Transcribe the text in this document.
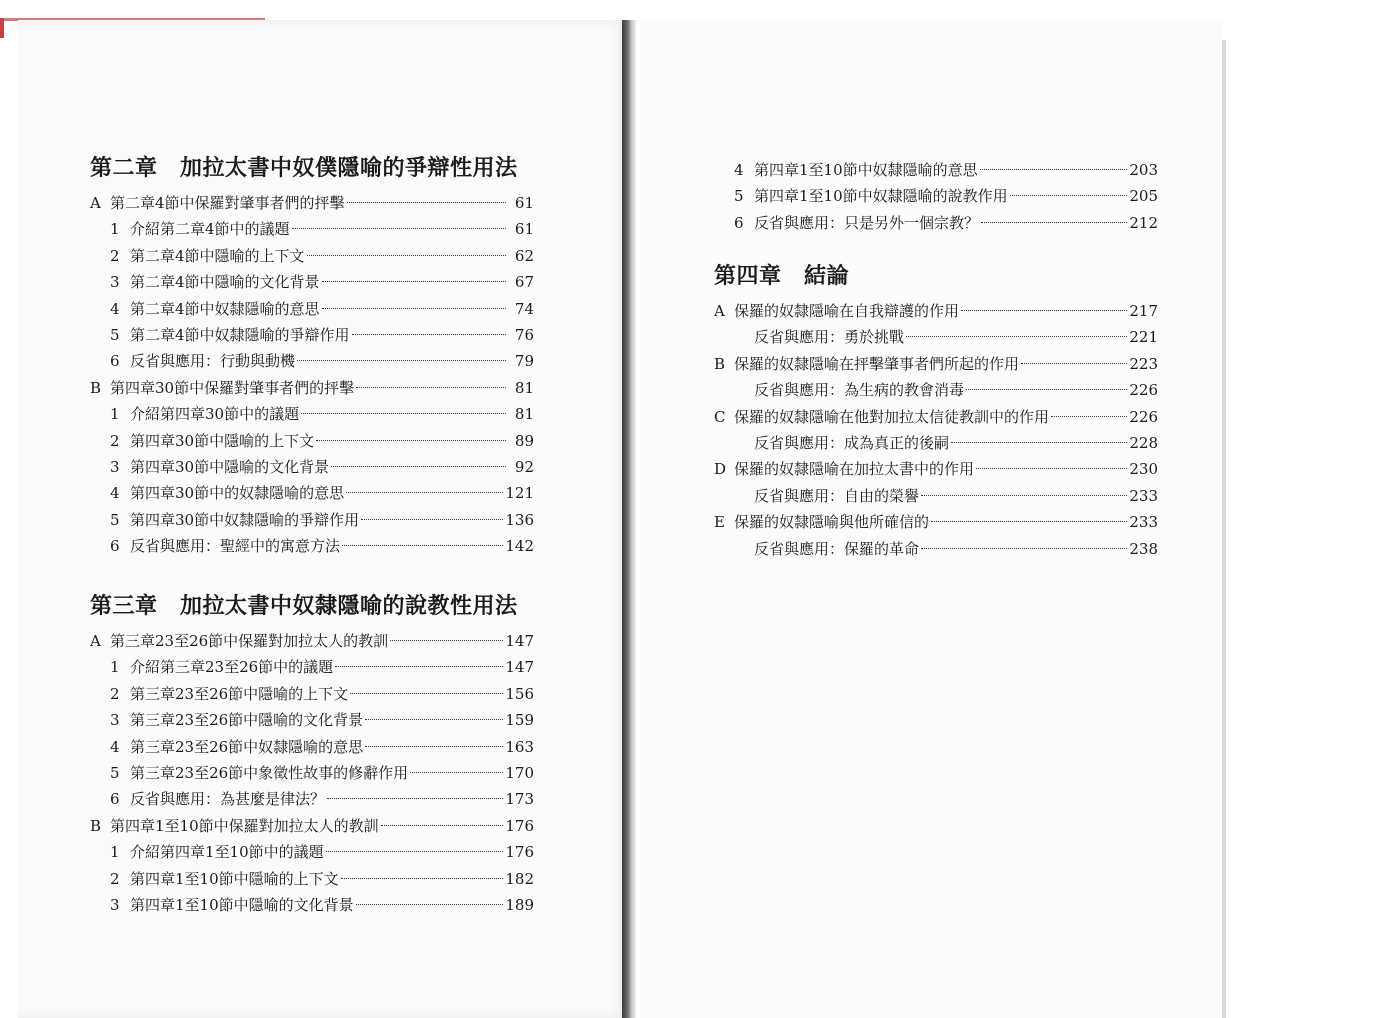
第二章　加拉太書中奴僕隱喻的爭辯性用法
A 第二章4節中保羅對肇事者們的抨擊	61
1 介紹第二章4節中的議題	61
2 第二章4節中隱喻的上下文	62
3 第二章4節中隱喻的文化背景	67
4 第二章4節中奴隸隱喻的意思	74
5 第二章4節中奴隸隱喻的爭辯作用	76
6 反省與應用：行動與動機	79
B 第四章30節中保羅對肇事者們的抨擊	81
1 介紹第四章30節中的議題	81
2 第四章30節中隱喻的上下文	89
3 第四章30節中隱喻的文化背景	92
4 第四章30節中的奴隸隱喻的意思	121
5 第四章30節中奴隸隱喻的爭辯作用	136
6 反省與應用：聖經中的寓意方法	142
第三章　加拉太書中奴隸隱喻的說教性用法
A 第三章23至26節中保羅對加拉太人的教訓	147
1 介紹第三章23至26節中的議題	147
2 第三章23至26節中隱喻的上下文	156
3 第三章23至26節中隱喻的文化背景	159
4 第三章23至26節中奴隸隱喻的意思	163
5 第三章23至26節中象徵性故事的修辭作用	170
6 反省與應用：為甚麼是律法？	173
B 第四章1至10節中保羅對加拉太人的教訓	176
1 介紹第四章1至10節中的議題	176
2 第四章1至10節中隱喻的上下文	182
3 第四章1至10節中隱喻的文化背景	189
4 第四章1至10節中奴隸隱喻的意思	203
5 第四章1至10節中奴隸隱喻的說教作用	205
6 反省與應用：只是另外一個宗教？	212
第四章　結論
A 保羅的奴隸隱喻在自我辯護的作用	217
反省與應用：勇於挑戰	221
B 保羅的奴隸隱喻在抨擊肇事者們所起的作用	223
反省與應用：為生病的教會消毒	226
C 保羅的奴隸隱喻在他對加拉太信徒教訓中的作用	226
反省與應用：成為真正的後嗣	228
D 保羅的奴隸隱喻在加拉太書中的作用	230
反省與應用：自由的榮譽	233
E 保羅的奴隸隱喻與他所確信的	233
反省與應用：保羅的革命	238
